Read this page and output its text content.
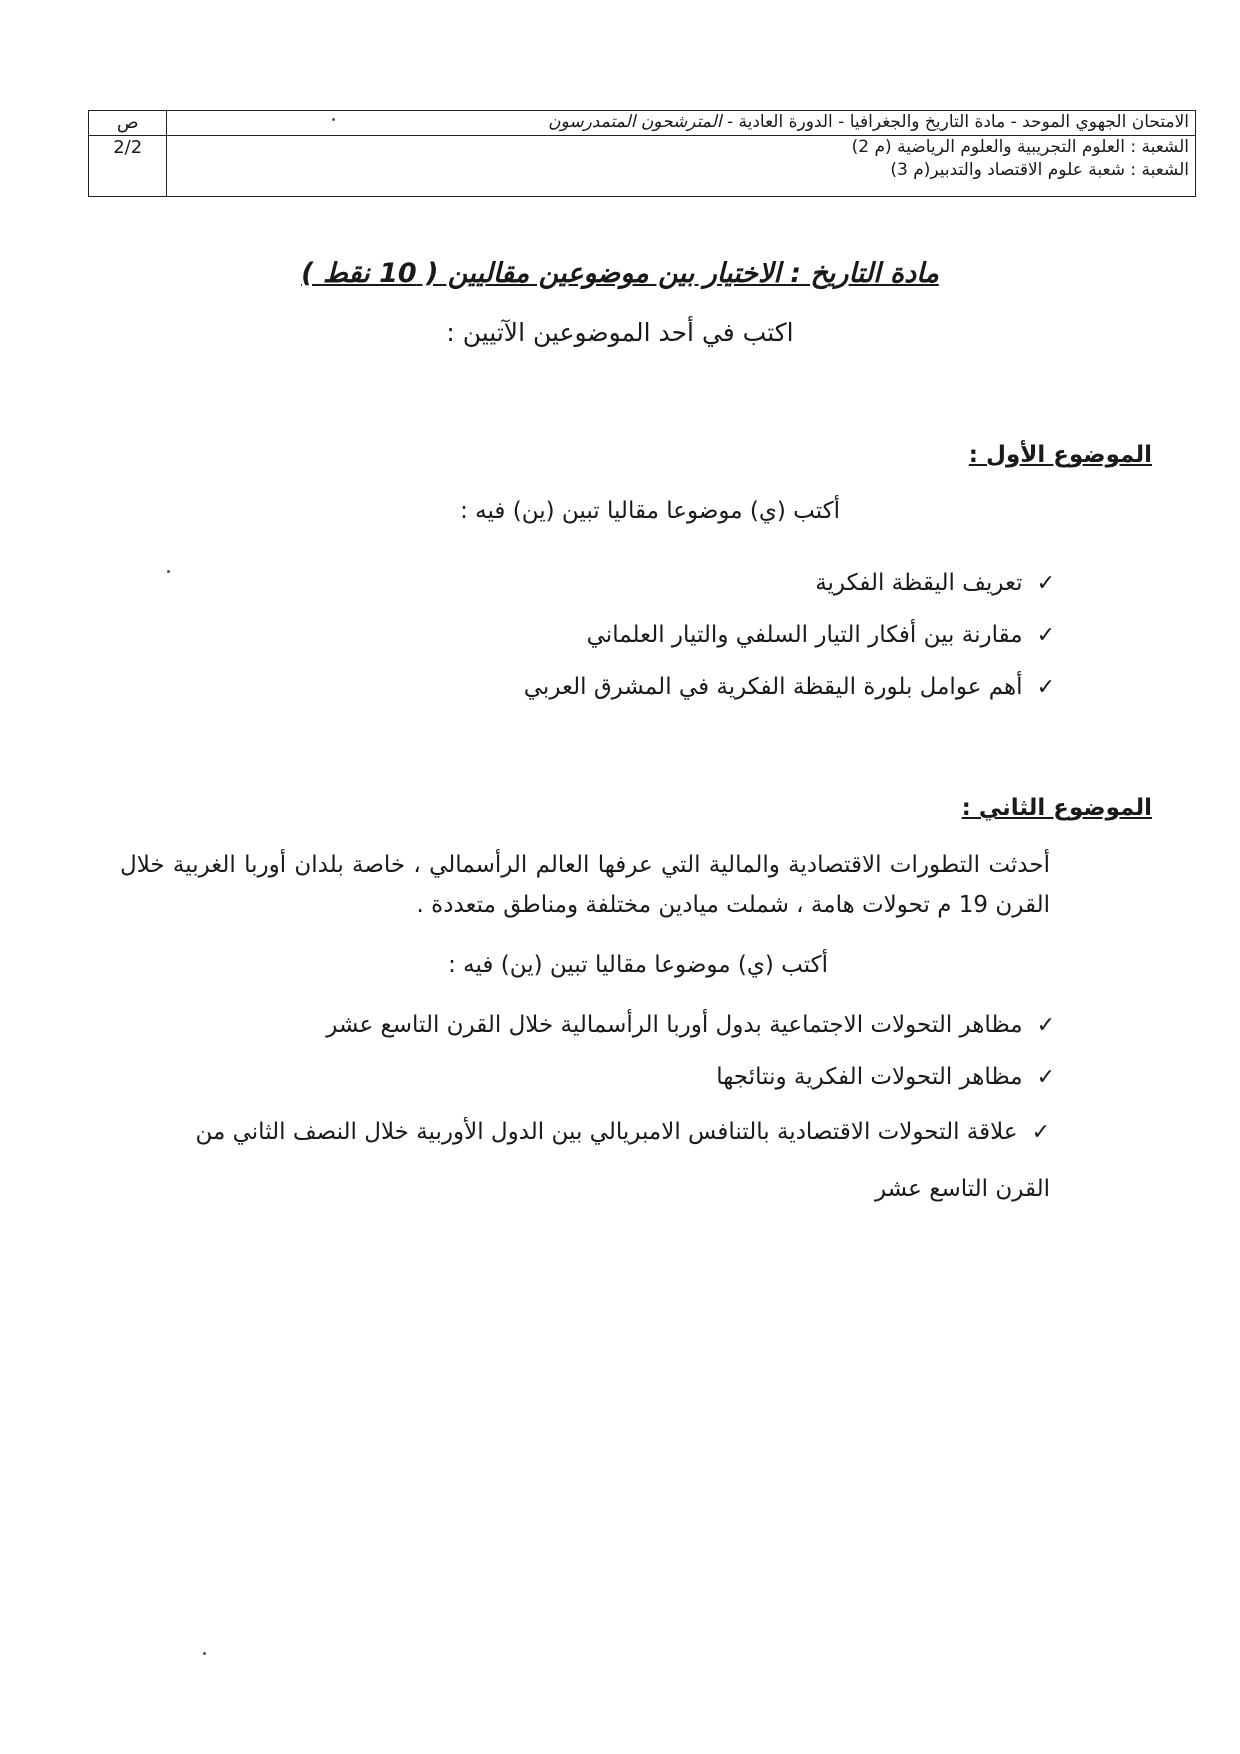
الامتحان الجهوي الموحد - مادة التاريخ والجغرافيا - الدورة العادية - المترشحون المتمدرسون	ص

الشعبة : العلوم التجريبية والعلوم الرياضية (م 2)
الشعبة : شعبة علوم الاقتصاد والتدبير(م 3)	2/2
مادة التاريخ : الاختيار بين موضوعين مقاليين ( 10 نقط )
اكتب في أحد الموضوعين الآتيين :
الموضوع الأول :
أكتب (ي) موضوعا مقاليا تبين (ين) فيه :
✓تعريف اليقظة الفكرية
✓مقارنة بين أفكار التيار السلفي والتيار العلماني
✓أهم عوامل بلورة اليقظة الفكرية في المشرق العربي
الموضوع الثاني :
أحدثت التطورات الاقتصادية والمالية التي عرفها العالم الرأسمالي ، خاصة بلدان أوربا الغربية خلال القرن 19 م تحولات هامة ، شملت ميادين مختلفة ومناطق متعددة .
أكتب (ي) موضوعا مقاليا تبين (ين) فيه :
✓مظاهر التحولات الاجتماعية بدول أوربا الرأسمالية خلال القرن التاسع عشر
✓مظاهر التحولات الفكرية ونتائجها
✓علاقة التحولات الاقتصادية بالتنافس الامبريالي بين الدول الأوربية خلال النصف الثاني من القرن التاسع عشر
